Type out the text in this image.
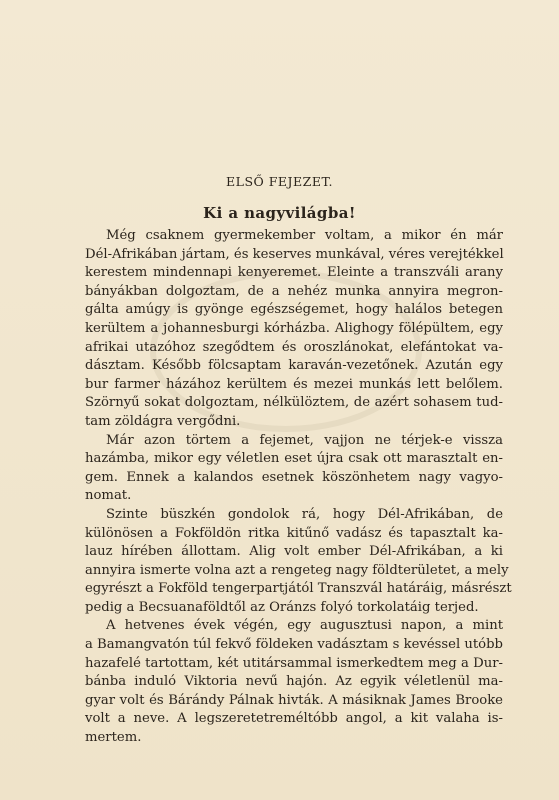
ELSŐ FEJEZET.
Ki a nagyvilágba!
Még csaknem gyermekember voltam, a mikor én már
Dél-Afrikában jártam, és keserves munkával, véres verejtékkel
kerestem mindennapi kenyeremet. Eleinte a transzváli arany
bányákban dolgoztam, de a nehéz munka annyira megron-
gálta amúgy is gyönge egészségemet, hogy halálos betegen
kerültem a johannesburgi kórházba. Alighogy fölépültem, egy
afrikai utazóhoz szegődtem és oroszlánokat, elefántokat va-
dásztam. Később fölcsaptam karaván-vezetőnek. Azután egy
bur farmer házához kerültem és mezei munkás lett belőlem.
Szörnyű sokat dolgoztam, nélkülöztem, de azért sohasem tud-
tam zöldágra vergődni.
Már azon törtem a fejemet, vajjon ne térjek-e vissza
hazámba, mikor egy véletlen eset újra csak ott marasztalt en-
gem. Ennek a kalandos esetnek köszönhetem nagy vagyo-
nomat.
Szinte büszkén gondolok rá, hogy Dél-Afrikában, de
különösen a Fokföldön ritka kitűnő vadász és tapasztalt ka-
lauz hírében állottam. Alig volt ember Dél-Afrikában, a ki
annyira ismerte volna azt a rengeteg nagy földterületet, a mely
egyrészt a Fokföld tengerpartjától Transzvál határáig, másrészt
pedig a Becsuanaföldtől az Oránzs folyó torkolatáig terjed.
A hetvenes évek végén, egy augusztusi napon, a mint
a Bamangvatón túl fekvő földeken vadásztam s kevéssel utóbb
hazafelé tartottam, két utitársammal ismerkedtem meg a Dur-
bánba induló Viktoria nevű hajón. Az egyik véletlenül ma-
gyar volt és Bárándy Pálnak hivták. A másiknak James Brooke
volt a neve. A legszeretetreméltóbb angol, a kit valaha is-
mertem.
